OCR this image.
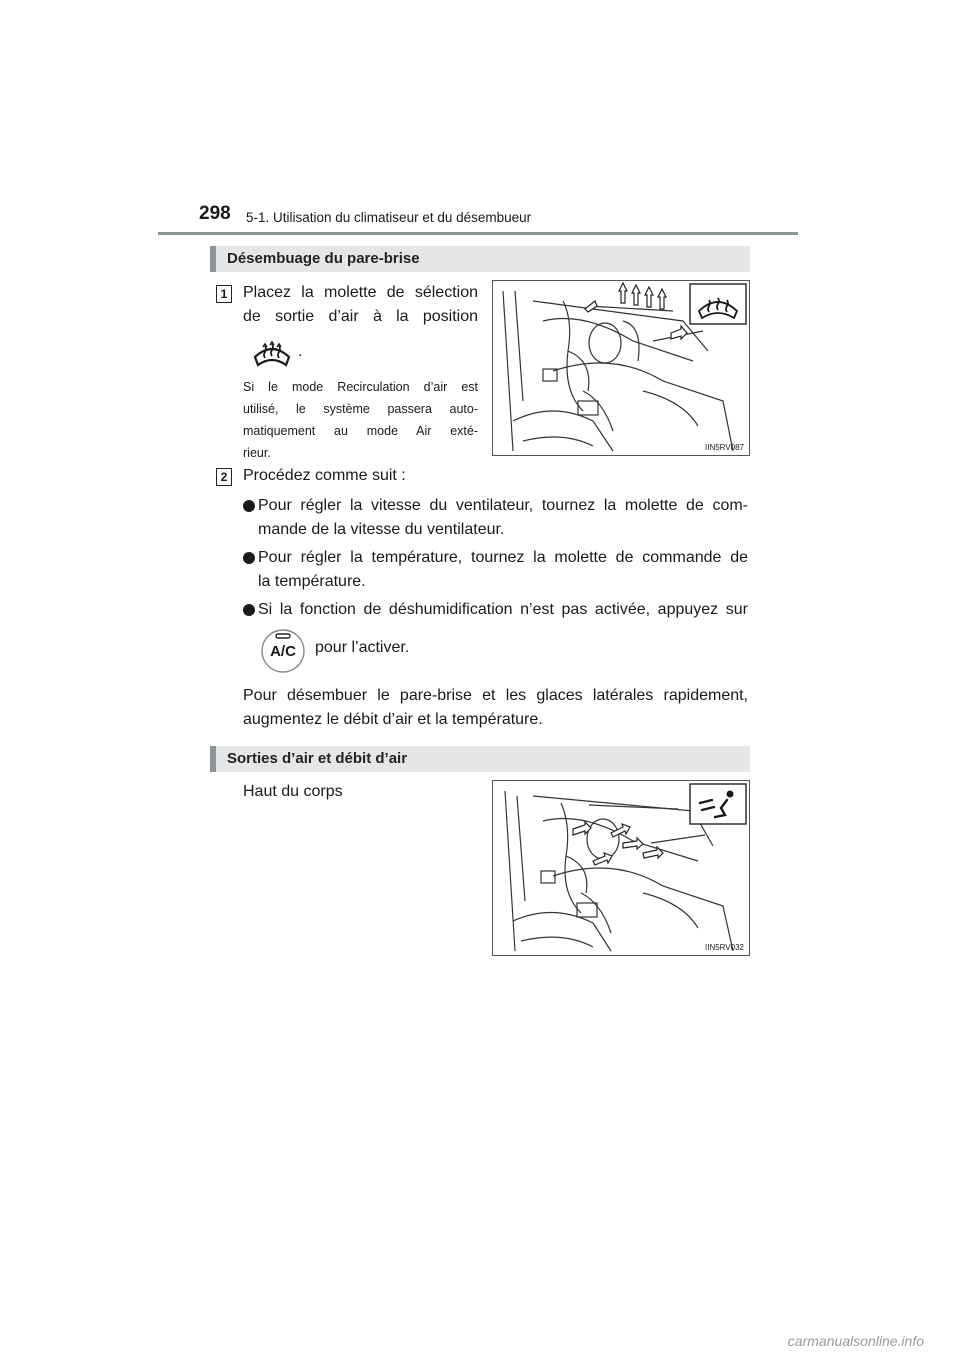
298 5-1. Utilisation du climatiseur et du désembueur
Désembuage du pare-brise
1 Placez la molette de sélection
de sortie d’air à la position
.
Si le mode Recirculation d’air est
utilisé, le système passera auto-
matiquement au mode Air exté-
rieur.	IIN5RV087
2 Procédez comme suit :
Pour régler la vitesse du ventilateur, tournez la molette de com-
mande de la vitesse du ventilateur.
Pour régler la température, tournez la molette de commande de
la température.
Si la fonction de déshumidification n’est pas activée, appuyez sur
A/C	pour l’activer.
Pour désembuer le pare-brise et les glaces latérales rapidement,
augmentez le débit d’air et la température.
Sorties d’air et débit d’air
Haut du corps
IIN5RV032
carmanualsonline.info
